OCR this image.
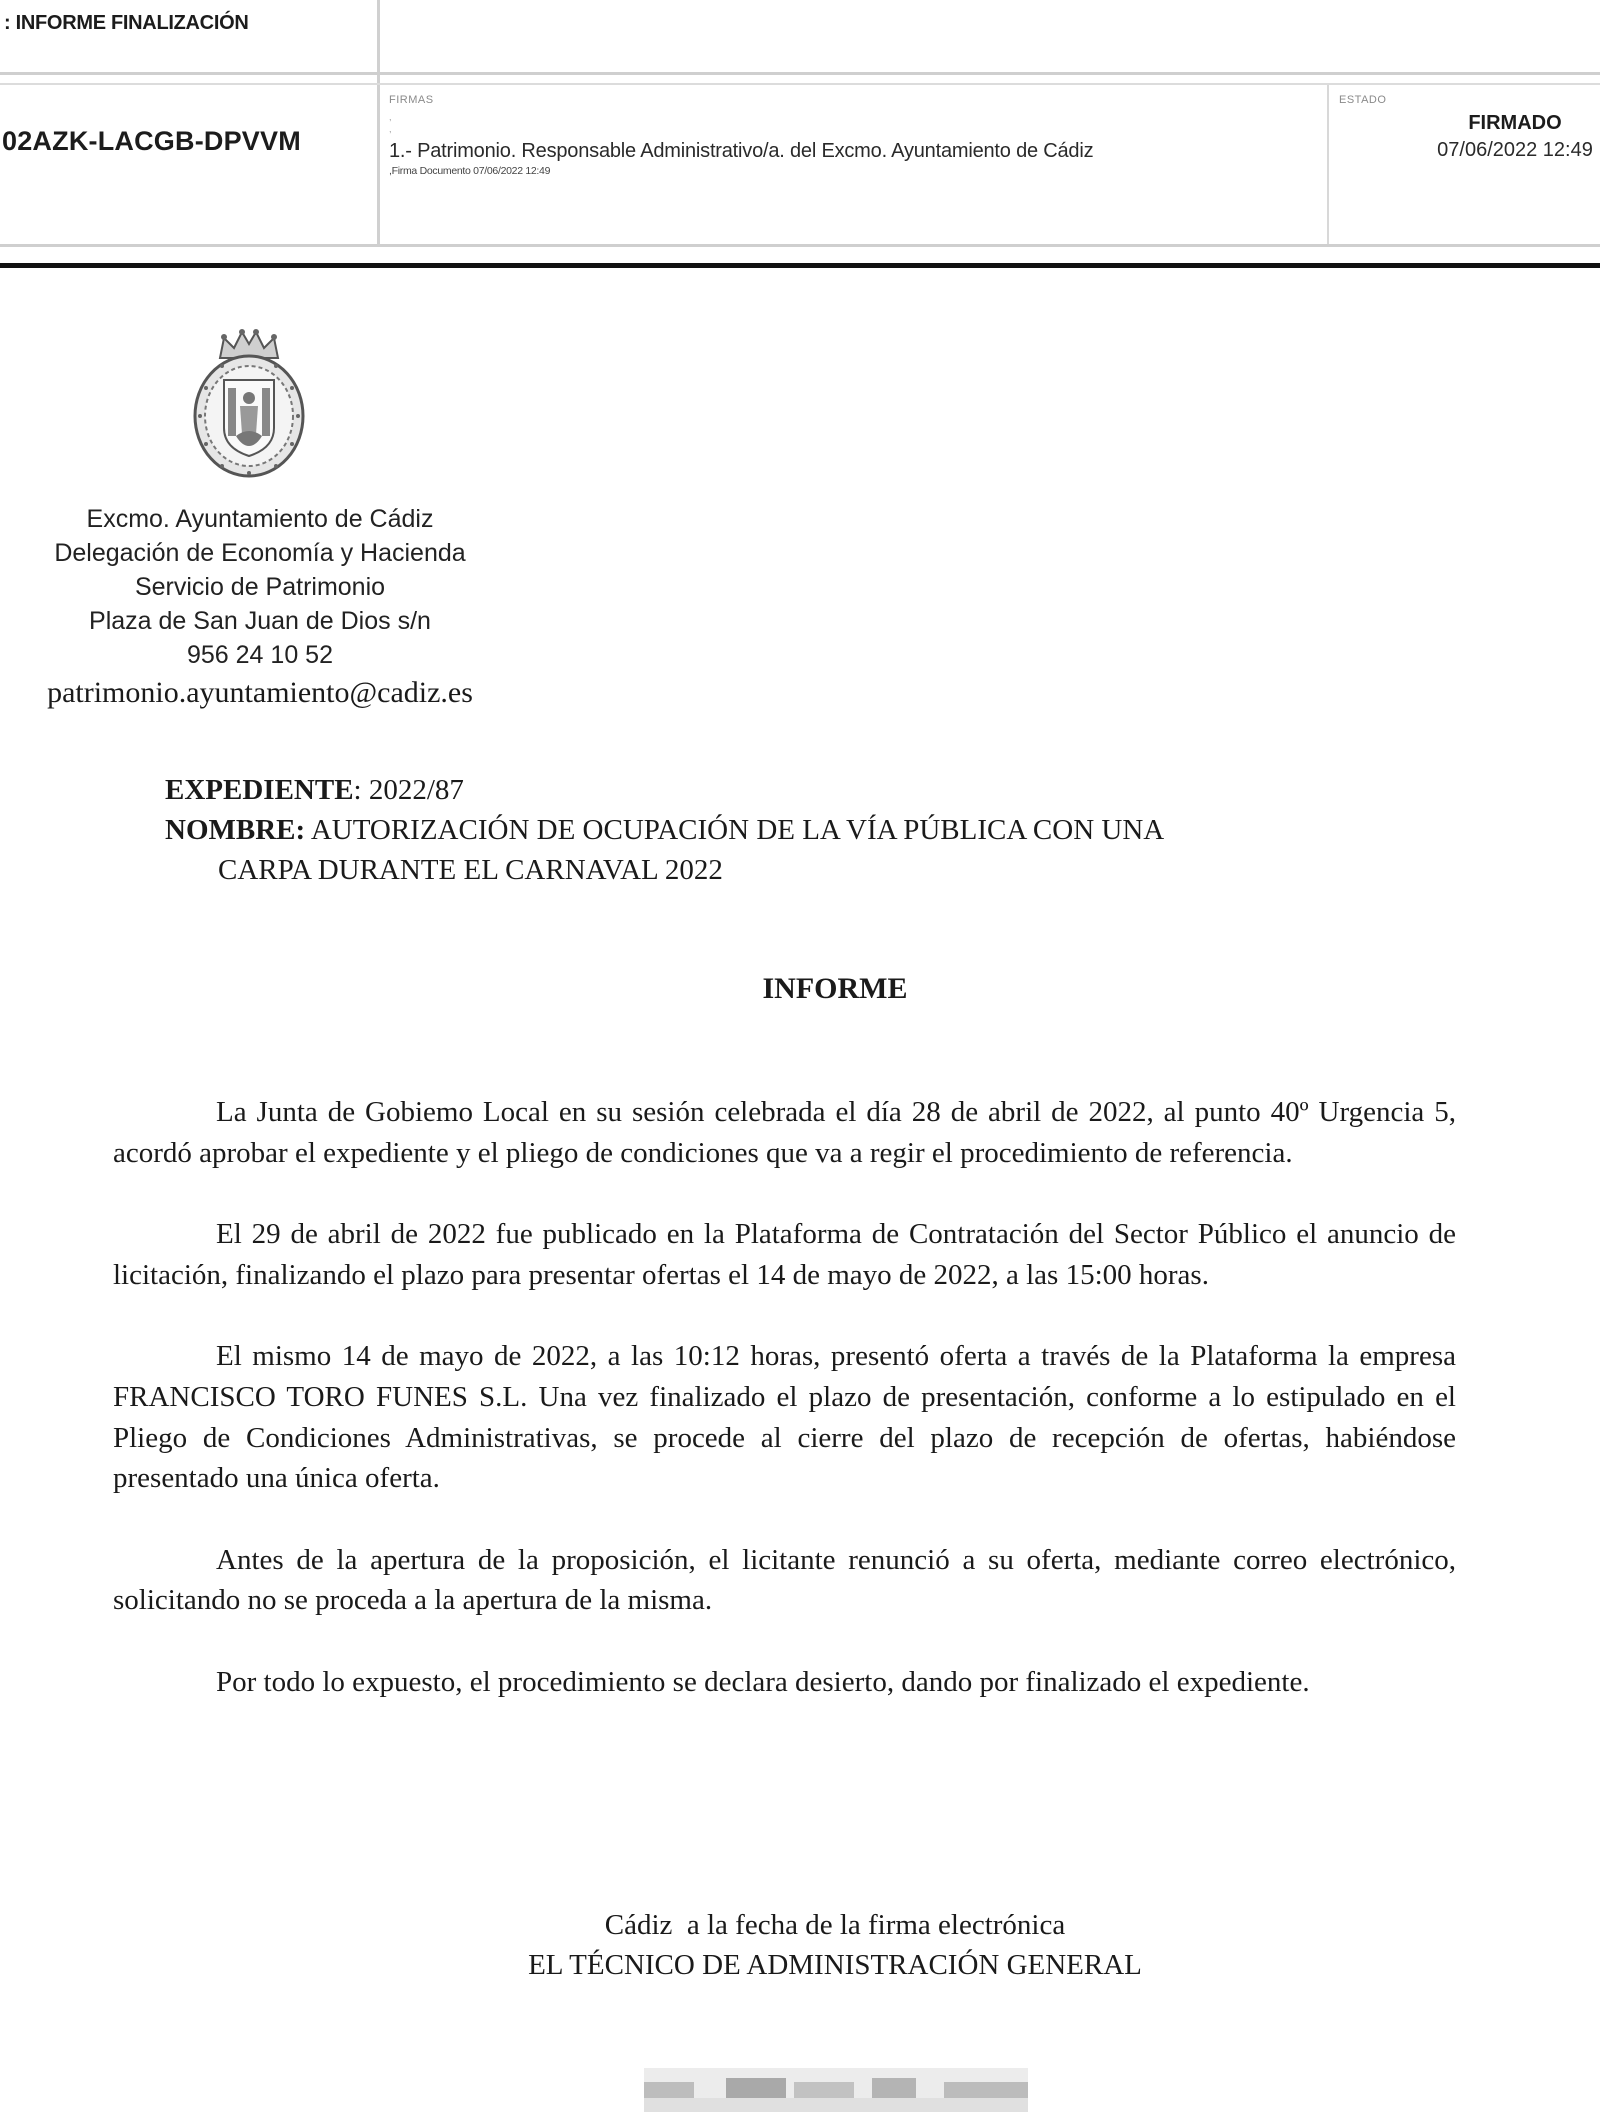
: INFORME FINALIZACIÓN
02AZK-LACGB-DPVVM
FIRMAS
,
,
1.- Patrimonio. Responsable Administrativo/a. del Excmo. Ayuntamiento de Cádiz
,Firma Documento 07/06/2022 12:49
ESTADO
FIRMADO
07/06/2022 12:49
Excmo. Ayuntamiento de Cádiz
Delegación de Economía y Hacienda
Servicio de Patrimonio
Plaza de San Juan de Dios s/n
956 24 10 52
patrimonio.ayuntamiento@cadiz.es
EXPEDIENTE: 2022/87
NOMBRE: AUTORIZACIÓN DE OCUPACIÓN DE LA VÍA PÚBLICA CON UNA
CARPA DURANTE EL CARNAVAL 2022
INFORME

La Junta de Gobiemo Local en su sesión celebrada el día 28 de abril de 2022, al punto 40º Urgencia 5, acordó aprobar el expediente y el pliego de condiciones que va a regir el procedimiento de referencia.

El 29 de abril de 2022 fue publicado en la Plataforma de Contratación del Sector Público el anuncio de licitación, finalizando el plazo para presentar ofertas el 14 de mayo de 2022, a las 15:00 horas.

El mismo 14 de mayo de 2022, a las 10:12 horas, presentó oferta a través de la Plataforma la empresa FRANCISCO TORO FUNES S.L. Una vez finalizado el plazo de presentación, conforme a lo estipulado en el Pliego de Condiciones Administrativas, se procede al cierre del plazo de recepción de ofertas, habiéndose presentado una única oferta.

Antes de la apertura de la proposición, el licitante renunció a su oferta, mediante correo electrónico, solicitando no se proceda a la apertura de la misma.

Por todo lo expuesto, el procedimiento se declara desierto, dando por finalizado el expediente.

Cádiz  a la fecha de la firma electrónica
EL TÉCNICO DE ADMINISTRACIÓN GENERAL
